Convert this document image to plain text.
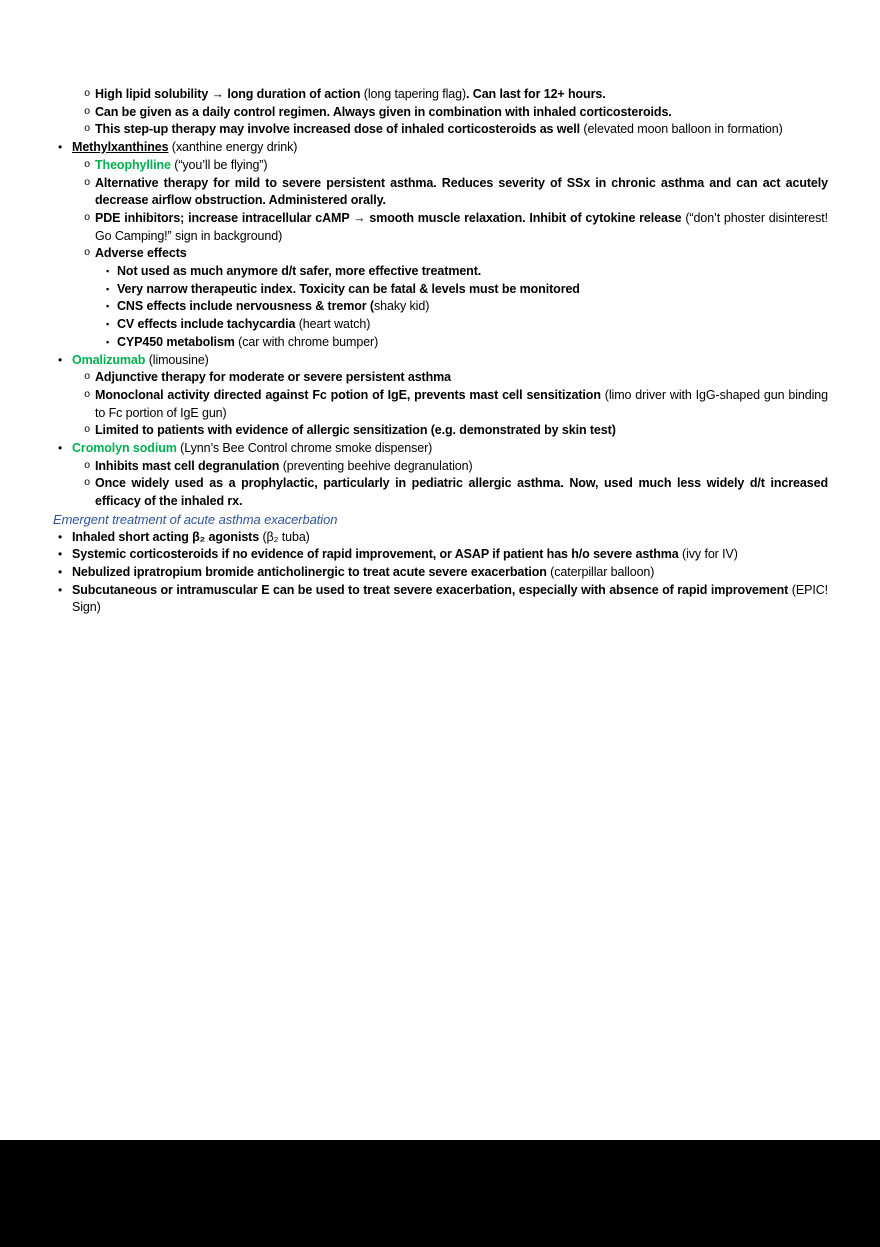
o High lipid solubility → long duration of action (long tapering flag). Can last for 12+ hours.
o Can be given as a daily control regimen. Always given in combination with inhaled corticosteroids.
o This step-up therapy may involve increased dose of inhaled corticosteroids as well (elevated moon balloon in formation)
• Methylxanthines (xanthine energy drink)
o Theophylline (“you’ll be flying”)
o Alternative therapy for mild to severe persistent asthma. Reduces severity of SSx in chronic asthma and can act acutely decrease airflow obstruction. Administered orally.
o PDE inhibitors; increase intracellular cAMP → smooth muscle relaxation. Inhibit of cytokine release (“don’t phoster disinterest! Go Camping!” sign in background)
o Adverse effects
▪ Not used as much anymore d/t safer, more effective treatment.
▪ Very narrow therapeutic index. Toxicity can be fatal & levels must be monitored
▪ CNS effects include nervousness & tremor (shaky kid)
▪ CV effects include tachycardia (heart watch)
▪ CYP450 metabolism (car with chrome bumper)
• Omalizumab (limousine)
o Adjunctive therapy for moderate or severe persistent asthma
o Monoclonal activity directed against Fc potion of IgE, prevents mast cell sensitization (limo driver with IgG-shaped gun binding to Fc portion of IgE gun)
o Limited to patients with evidence of allergic sensitization (e.g. demonstrated by skin test)
• Cromolyn sodium (Lynn’s Bee Control chrome smoke dispenser)
o Inhibits mast cell degranulation (preventing beehive degranulation)
o Once widely used as a prophylactic, particularly in pediatric allergic asthma. Now, used much less widely d/t increased efficacy of the inhaled rx.
Emergent treatment of acute asthma exacerbation
• Inhaled short acting β₂ agonists (β₂ tuba)
• Systemic corticosteroids if no evidence of rapid improvement, or ASAP if patient has h/o severe asthma (ivy for IV)
• Nebulized ipratropium bromide anticholinergic to treat acute severe exacerbation (caterpillar balloon)
• Subcutaneous or intramuscular E can be used to treat severe exacerbation, especially with absence of rapid improvement (EPIC! Sign)
